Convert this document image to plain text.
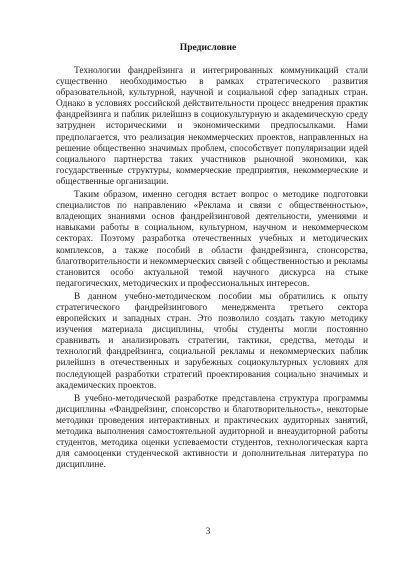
Предисловие

Технологии фандрейзинга и интегрированных коммуникаций стали существенно необходимостью в рамках стратегического развития образовательной, культурной, научной и социальной сфер западных стран. Однако в условиях российской действительности процесс внедрения практик фандрейзинга и паблик рилейшнз в социокультурную и академическую среду затруднен историческими и экономическими предпосылками. Нами предполагается, что реализация некоммерческих проектов, направленных на решение общественно значимых проблем, способствует популяризации идей социального партнерства таких участников рыночной экономики, как государственные структуры, коммерческие предприятия, некоммерческие и общественные организации.

Таким образом, именно сегодня встает вопрос о методике подготовки специалистов по направлению «Реклама и связи с общественностью», владеющих знаниями основ фандрейзинговой деятельности, умениями и навыками работы в социальном, культурном, научном и некоммерческом секторах. Поэтому разработка отечественных учебных и методических комплексов, а также пособий в области фандрейзинга, спонсорства, благотворительности и некоммерческих связей с общественностью и рекламы становится особо актуальной темой научного дискурса на стыке педагогических, методических и профессиональных интересов.

В данном учебно-методическом пособии мы обратились к опыту стратегического фандрейзингового менеджмента третьего сектора европейских и западных стран. Это позволило создать такую методику изучения материала дисциплины, чтобы студенты могли постоянно сравнивать и анализировать стратегии, тактики, средства, методы и технологий фандрейзинга, социальной рекламы и некоммерческих паблик рилейшнз в отечественных и зарубежных социокультурных условиях для последующей разработки стратегий проектирования социально значимых и академических проектов.

В учебно-методической разработке представлена структура программы дисциплины «Фандрейзинг, спонсорство и благотворительность», некоторые методики проведения интерактивных и практических аудиторных занятий, методика выполнения самостоятельной аудиторной и внеаудиторной работы студентов, методика оценки успеваемости студентов, технологическая карта для самооценки студенческой активности и дополнительная литература по дисциплине.

3
